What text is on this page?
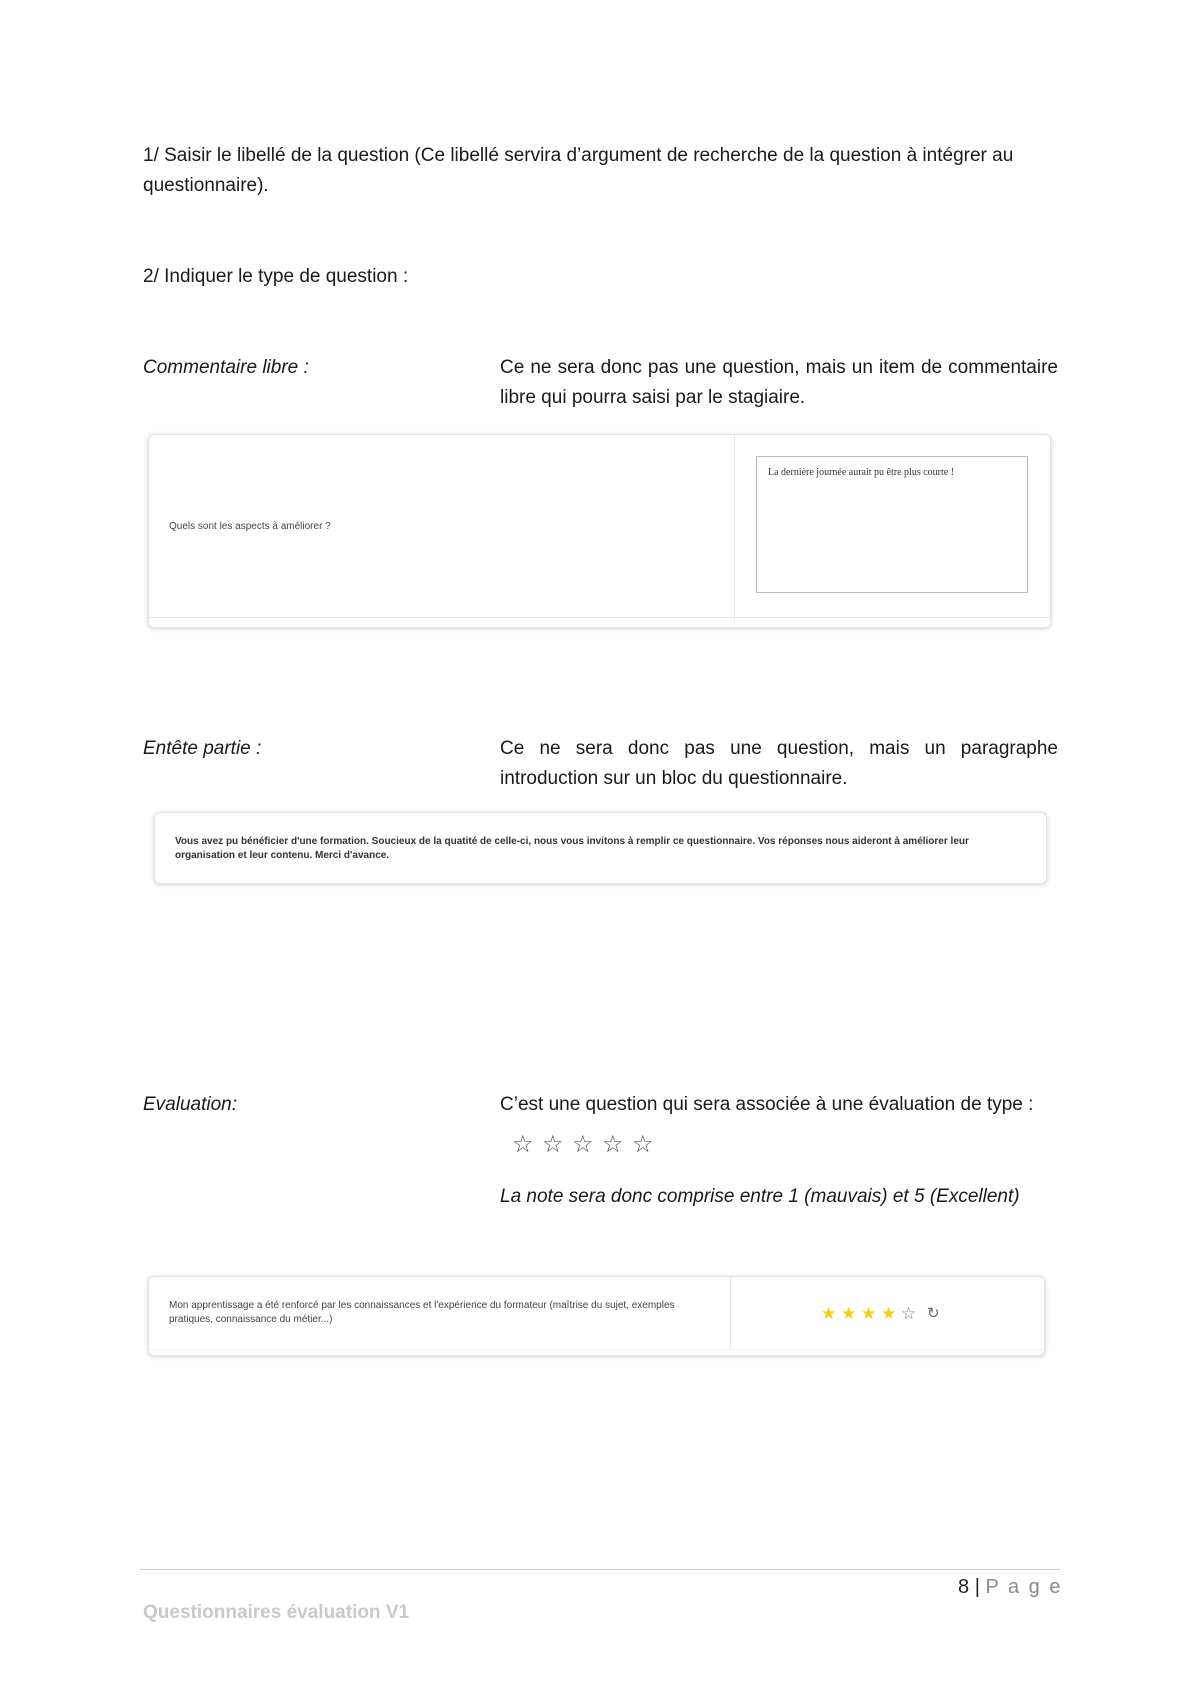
1/ Saisir le libellé de la question (Ce libellé servira d’argument de recherche de la question à intégrer au questionnaire).
2/ Indiquer le type de question :
Commentaire libre :	Ce ne sera donc pas une question, mais un item de commentaire libre qui pourra saisi par le stagiaire.
Quels sont les aspects à améliorer ?
La dernière journée aurait pu être plus courte !
Entête partie :	Ce ne sera donc pas une question, mais un paragraphe introduction sur un bloc du questionnaire.
Vous avez pu bénéficier d'une formation. Soucieux de la quatité de celle-ci, nous vous invitons à remplir ce questionnaire. Vos réponses nous aideront à améliorer leur organisation et leur contenu. Merci d'avance.
Evaluation:	C’est une question qui sera associée à une évaluation de type :
☆ ☆ ☆ ☆ ☆
La note sera donc comprise entre 1 (mauvais) et 5 (Excellent)
Mon apprentissage a été renforcé par les connaissances et l'expérience du formateur (maîtrise du sujet, exemples pratiques, connaissance du métier...)	★ ★ ★ ★ ☆ ↻
8 | P a g e
Questionnaires évaluation V1
